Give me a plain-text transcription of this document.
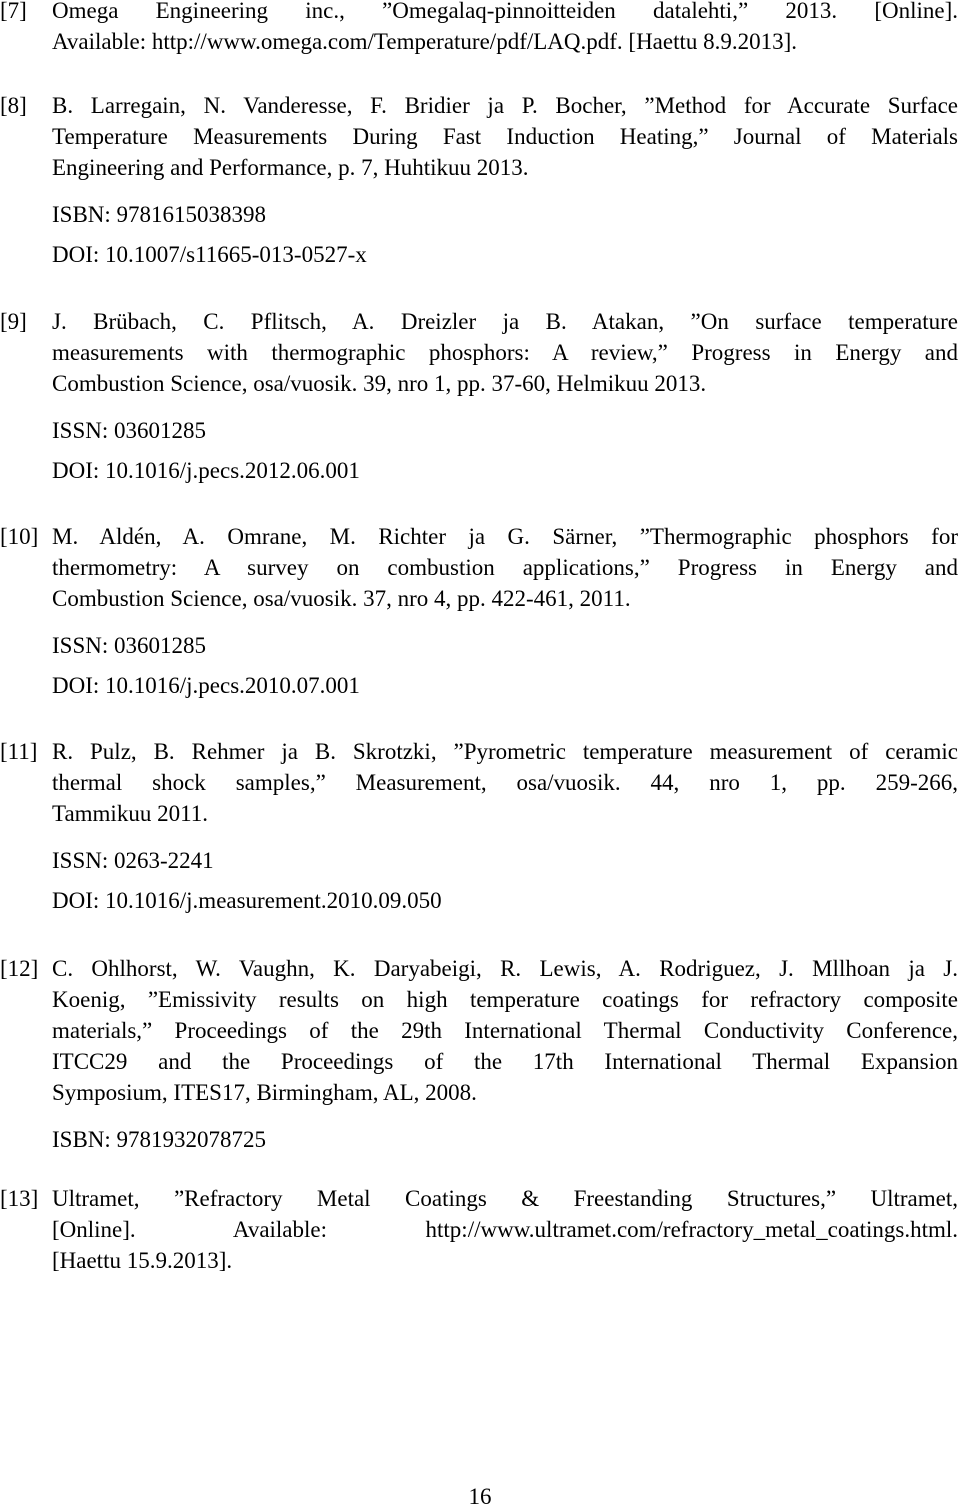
[7] Omega Engineering inc., ”Omegalaq-pinnoitteiden datalehti,” 2013. [Online].
Available: http://www.omega.com/Temperature/pdf/LAQ.pdf. [Haettu 8.9.2013].
[8] B. Larregain, N. Vanderesse, F. Bridier ja P. Bocher, ”Method for Accurate Surface
Temperature Measurements During Fast Induction Heating,” Journal of Materials
Engineering and Performance, p. 7, Huhtikuu 2013.
ISBN: 9781615038398
DOI: 10.1007/s11665-013-0527-x
[9] J. Brübach, C. Pflitsch, A. Dreizler ja B. Atakan, ”On surface temperature
measurements with thermographic phosphors: A review,” Progress in Energy and
Combustion Science, osa/vuosik. 39, nro 1, pp. 37-60, Helmikuu 2013.
ISSN: 03601285
DOI: 10.1016/j.pecs.2012.06.001
[10] M. Aldén, A. Omrane, M. Richter ja G. Särner, ”Thermographic phosphors for
thermometry: A survey on combustion applications,” Progress in Energy and
Combustion Science, osa/vuosik. 37, nro 4, pp. 422-461, 2011.
ISSN: 03601285
DOI: 10.1016/j.pecs.2010.07.001
[11] R. Pulz, B. Rehmer ja B. Skrotzki, ”Pyrometric temperature measurement of ceramic
thermal shock samples,” Measurement, osa/vuosik. 44, nro 1, pp. 259-266,
Tammikuu 2011.
ISSN: 0263-2241
DOI: 10.1016/j.measurement.2010.09.050
[12] C. Ohlhorst, W. Vaughn, K. Daryabeigi, R. Lewis, A. Rodriguez, J. Mllhoan ja J.
Koenig, ”Emissivity results on high temperature coatings for refractory composite
materials,” Proceedings of the 29th International Thermal Conductivity Conference,
ITCC29 and the Proceedings of the 17th International Thermal Expansion
Symposium, ITES17, Birmingham, AL, 2008.
ISBN: 9781932078725
[13] Ultramet, ”Refractory Metal Coatings & Freestanding Structures,” Ultramet,
[Online]. Available: http://www.ultramet.com/refractory_metal_coatings.html.
[Haettu 15.9.2013].
16
